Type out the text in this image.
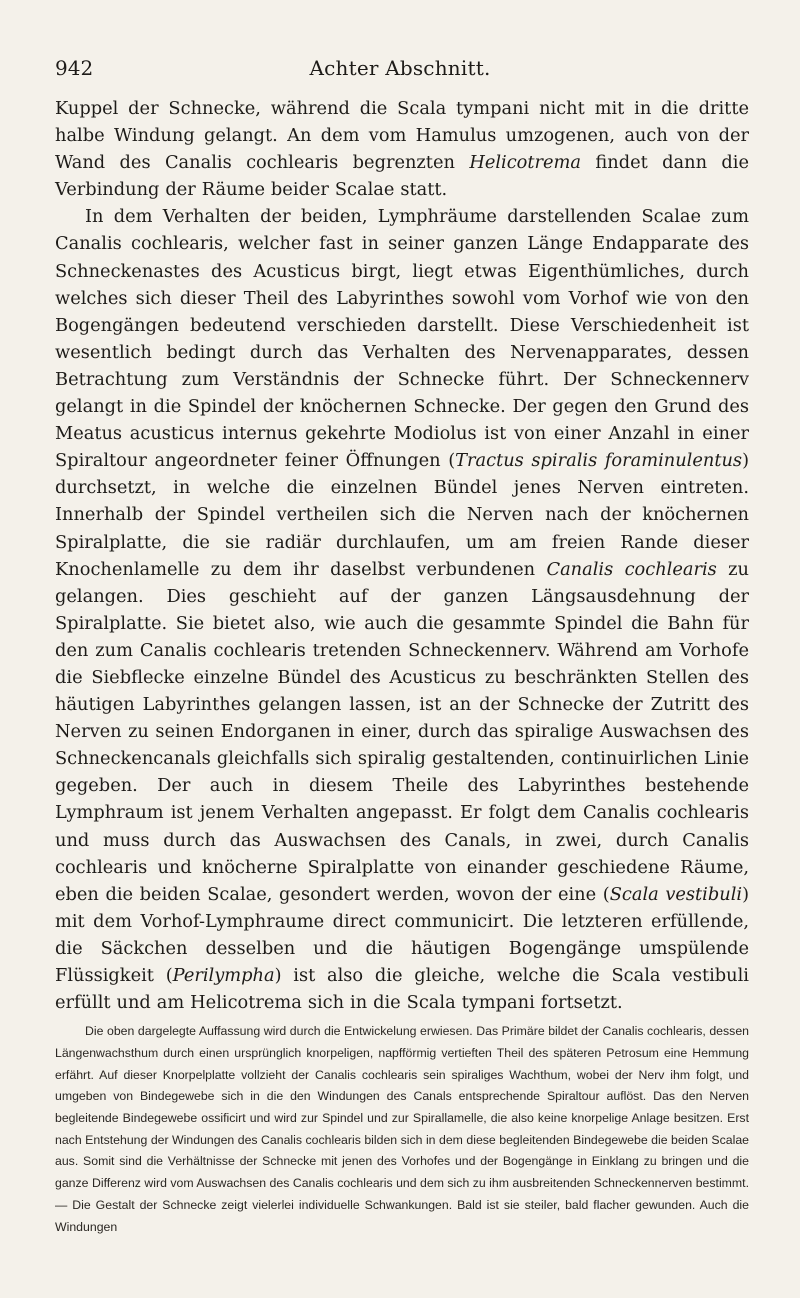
942	Achter Abschnitt.

Kuppel der Schnecke, während die Scala tympani nicht mit in die dritte halbe Windung gelangt. An dem vom Hamulus umzogenen, auch von der Wand des Canalis cochlearis begrenzten Helicotrema findet dann die Verbindung der Räume beider Scalae statt.

In dem Verhalten der beiden, Lymphräume darstellenden Scalae zum Canalis cochlearis, welcher fast in seiner ganzen Länge Endapparate des Schneckenastes des Acusticus birgt, liegt etwas Eigenthümliches, durch welches sich dieser Theil des Labyrinthes sowohl vom Vorhof wie von den Bogengängen bedeutend verschieden darstellt. Diese Verschiedenheit ist wesentlich bedingt durch das Verhalten des Nervenapparates, dessen Betrachtung zum Verständnis der Schnecke führt. Der Schneckennerv gelangt in die Spindel der knöchernen Schnecke. Der gegen den Grund des Meatus acusticus internus gekehrte Modiolus ist von einer Anzahl in einer Spiraltour angeordneter feiner Öffnungen (Tractus spiralis foraminulentus) durchsetzt, in welche die einzelnen Bündel jenes Nerven eintreten. Innerhalb der Spindel vertheilen sich die Nerven nach der knöchernen Spiralplatte, die sie radiär durchlaufen, um am freien Rande dieser Knochenlamelle zu dem ihr daselbst verbundenen Canalis cochlearis zu gelangen. Dies geschieht auf der ganzen Längsausdehnung der Spiralplatte. Sie bietet also, wie auch die gesammte Spindel die Bahn für den zum Canalis cochlearis tretenden Schneckennerv. Während am Vorhofe die Siebflecke einzelne Bündel des Acusticus zu beschränkten Stellen des häutigen Labyrinthes gelangen lassen, ist an der Schnecke der Zutritt des Nerven zu seinen Endorganen in einer, durch das spiralige Auswachsen des Schneckencanals gleichfalls sich spiralig gestaltenden, continuirlichen Linie gegeben. Der auch in diesem Theile des Labyrinthes bestehende Lymphraum ist jenem Verhalten angepasst. Er folgt dem Canalis cochlearis und muss durch das Auswachsen des Canals, in zwei, durch Canalis cochlearis und knöcherne Spiralplatte von einander geschiedene Räume, eben die beiden Scalae, gesondert werden, wovon der eine (Scala vestibuli) mit dem Vorhof-Lymphraume direct communicirt. Die letzteren erfüllende, die Säckchen desselben und die häutigen Bogengänge umspülende Flüssigkeit (Perilympha) ist also die gleiche, welche die Scala vestibuli erfüllt und am Helicotrema sich in die Scala tympani fortsetzt.

Die oben dargelegte Auffassung wird durch die Entwickelung erwiesen. Das Primäre bildet der Canalis cochlearis, dessen Längenwachsthum durch einen ursprünglich knorpeligen, napfförmig vertieften Theil des späteren Petrosum eine Hemmung erfährt. Auf dieser Knorpelplatte vollzieht der Canalis cochlearis sein spiraliges Wachthum, wobei der Nerv ihm folgt, und umgeben von Bindegewebe sich in die den Windungen des Canals entsprechende Spiraltour auflöst. Das den Nerven begleitende Bindegewebe ossificirt und wird zur Spindel und zur Spirallamelle, die also keine knorpelige Anlage besitzen. Erst nach Entstehung der Windungen des Canalis cochlearis bilden sich in dem diese begleitenden Bindegewebe die beiden Scalae aus. Somit sind die Verhältnisse der Schnecke mit jenen des Vorhofes und der Bogengänge in Einklang zu bringen und die ganze Differenz wird vom Auswachsen des Canalis cochlearis und dem sich zu ihm ausbreitenden Schneckennerven bestimmt. — Die Gestalt der Schnecke zeigt vielerlei individuelle Schwankungen. Bald ist sie steiler, bald flacher gewunden. Auch die Windungen
